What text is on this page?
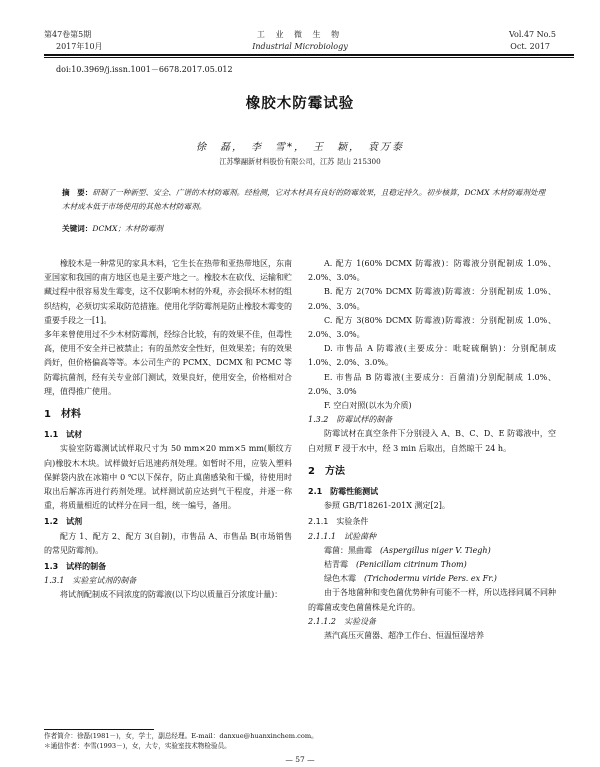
第47卷第5期
2017年10月
工 业 微 生 物
Industrial Microbiology
Vol.47 No.5
Oct. 2017
doi:10.3969/j.issn.1001－6678.2017.05.012
橡胶木防霉试验
徐　磊，　李　雪*，　王　颖，　袁万泰
江苏擎翮新材料股份有限公司，江苏 昆山 215300
摘　要：研制了一种新型、安全、广谱的木材防霉剂。经检测，它对木材具有良好的防霉效果，且稳定持久。初步核算，DCMX 木材防霉剂处理木材成本低于市场使用的其他木材防霉剂。
关键词：DCMX；木材防霉剂

橡胶木是一种常见的家具木料，它生长在热带和亚热带地区，东南亚国家和我国的南方地区也是主要产地之一。橡胶木在砍伐、运输和贮藏过程中很容易发生霉变，这不仅影响木材的外观，亦会损坏木材的组织结构，必须切实采取防范措施。使用化学防霉剂是防止橡胶木霉变的重要手段之一[1]。

多年来曾使用过不少木材防霉剂，经综合比较，有的效果不佳，但毒性高，使用不安全并已被禁止；有的虽然安全性好，但效果差；有的效果尚好，但价格偏高等等。本公司生产的 PCMX、DCMX 和 PCMC 等防霉抗菌剂，经有关专业部门测试，效果良好，使用安全，价格相对合理，值得推广使用。

1　材料
1.1　试材

实验室防霉测试试样取尺寸为 50 mm×20 mm×5 mm(顺纹方向)橡胶木木块。试样做好后迅速药剂处理。如暂时不用，应装入塑料保鲜袋内放在冰箱中 0 ℃以下保存，防止真菌感染和干燥，待使用时取出后解冻再进行药剂处理。试样测试前应达到气干程度，并逐一称重，将质量相近的试样分在同一组，统一编号，备用。

1.2　试剂

配方 1、配方 2、配方 3(自制)，市售品 A、市售品 B(市场销售的常见防霉剂)。

1.3　试样的制备
1.3.1　实验室试剂的制备

将试剂配制成不同浓度的防霉液(以下均以质量百分浓度计量)：

A. 配方 1(60% DCMX 防霉液)：防霉液分别配制成 1.0%、2.0%、3.0%。

B. 配方 2(70% DCMX 防霉液)防霉液：分别配制成 1.0%、2.0%、3.0%。

C. 配方 3(80% DCMX 防霉液)防霉液：分别配制成 1.0%、2.0%、3.0%。

D. 市售品 A 防霉液(主要成分：吡啶硫酮钠)：分别配制成 1.0%、2.0%、3.0%。

E. 市售品 B 防霉液(主要成分：百菌清)分别配制成 1.0%、2.0%、3.0%

F. 空白对照(以水为介质)

1.3.2　防霉试样的制备

防霉试材在真空条件下分别浸入 A、B、C、D、E 防霉液中，空白对照 F 浸于水中，经 3 min 后取出，自然晾干 24 h。

2　方法
2.1　防霉性能测试

参照 GB/T18261-201X 测定[2]。

2.1.1　实验条件
2.1.1.1　试验菌种

霉菌：黑曲霉　 (Aspergillus niger V. Tiegh)

桔青霉　 (Penicillam citrinum Thom)

绿色木霉　 (Trichodermu viride Pers. ex Fr.)

由于各地菌种和变色菌优势种有可能不一样，所以选择同属不同种的霉菌或变色菌菌株是允许的。

2.1.1.2　实验设备

蒸汽高压灭菌器、超净工作台、恒温恒湿培养

作者简介：徐磊(1981－)，女，学士，副总经理。E-mail：danxue@huanxinchem.com。
＊通信作者：李雪(1993－)，女，大专，实验室技术物检验员。
— 57 —
